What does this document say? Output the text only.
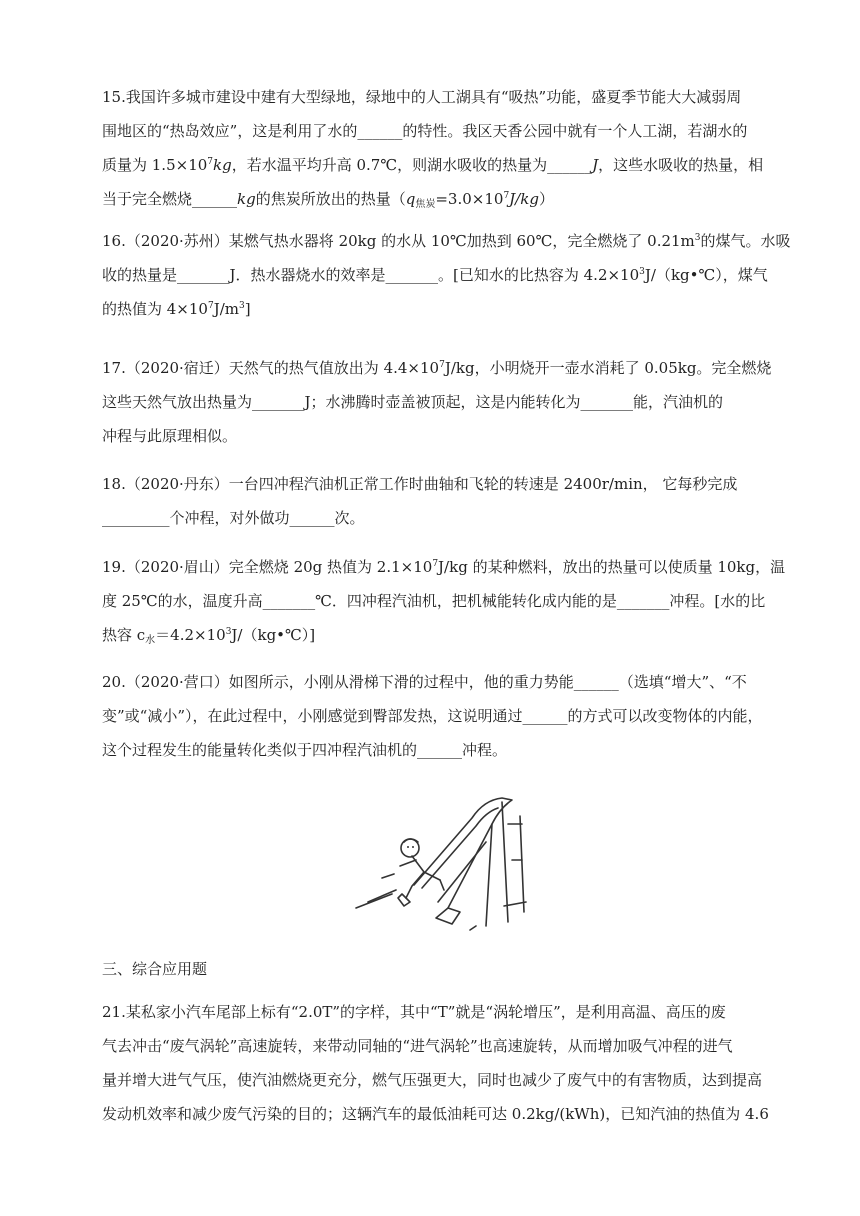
15.我国许多城市建设中建有大型绿地，绿地中的人工湖具有“吸热”功能，盛夏季节能大大减弱周
围地区的“热岛效应”，这是利用了水的______的特性。我区天香公园中就有一个人工湖，若湖水的
质量为 $1.5\times 10^7kg$，若水温平均升高 0.7℃，则湖水吸收的热量为______J，这些水吸收的热量，相
当于完全燃烧______kg的焦炭所放出的热量$(q_{焦炭}=3.0\times 10^7J/kg)$
16.（2020·苏州）某燃气热水器将 20kg 的水从 10℃加热到 60℃，完全燃烧了 $0.21m^3$的煤气。水吸
收的热量是_______J．热水器烧水的效率是_______。[已知水的比热容为 $4.2\times 10^3J/(kg•℃)$，煤气
的热值为 $4\times 10^7J/m^3$]
17.（2020·宿迁）天然气的热气值放出为 $4.4\times 10^7J/kg$，小明烧开一壶水消耗了 0.05kg。完全燃烧
这些天然气放出热量为_______J；水沸腾时壶盖被顶起，这是内能转化为_______能，汽油机的
冲程与此原理相似。
18.（2020·丹东）一台四冲程汽油机正常工作时曲轴和飞轮的转速是 2400r/min， 它每秒完成
_________个冲程，对外做功______次。
19.（2020·眉山）完全燃烧 20g 热值为 $2.1\times 10^7J/kg$ 的某种燃料，放出的热量可以使质量 10kg，温
度 25℃的水，温度升高_______℃．四冲程汽油机，把机械能转化成内能的是_______冲程。[水的比
热容 $c_水=4.2\times 10^3J/(kg•℃)$]
20.（2020·营口）如图所示，小刚从滑梯下滑的过程中，他的重力势能______（选填“增大”、“不
变”或“减小”），在此过程中，小刚感觉到臀部发热，这说明通过______的方式可以改变物体的内能，
这个过程发生的能量转化类似于四冲程汽油机的______冲程。
三、综合应用题
21.某私家小汽车尾部上标有“2.0T”的字样，其中“T”就是“涡轮增压”，是利用高温、高压的废
气去冲击“废气涡轮”高速旋转，来带动同轴的“进气涡轮”也高速旋转，从而增加吸气冲程的进气
量并增大进气气压，使汽油燃烧更充分，燃气压强更大，同时也减少了废气中的有害物质，达到提高
发动机效率和减少废气污染的目的；这辆汽车的最低油耗可达 0.2kg/(kWh)，已知汽油的热值为 4.6
